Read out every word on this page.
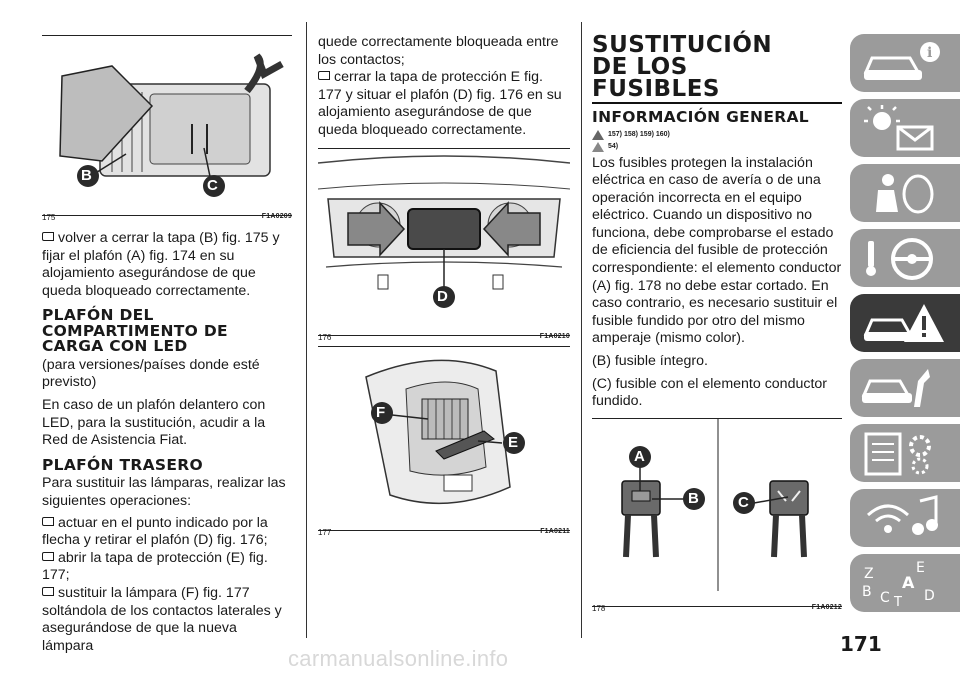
B
C
175	F1A0209
volver a cerrar la tapa (B) fig. 175 y fijar el plafón (A) fig. 174 en su alojamiento asegurándose de que queda bloqueado correctamente.
PLAFÓN DEL COMPARTIMENTO DE CARGA CON LED

(para versiones/países donde esté previsto)

En caso de un plafón delantero con LED, para la sustitución, acudir a la Red de Asistencia Fiat.

PLAFÓN TRASERO

Para sustituir las lámparas, realizar las siguientes operaciones:

actuar en el punto indicado por la flecha y retirar el plafón (D) fig. 176;
abrir la tapa de protección (E) fig. 177;
sustituir la lámpara (F) fig. 177 soltándola de los contactos laterales y asegurándose de que la nueva lámpara

quede correctamente bloqueada entre los contactos;

cerrar la tapa de protección E fig. 177 y situar el plafón (D) fig. 176 en su alojamiento asegurándose de que queda bloqueado correctamente.
D
176	F1A0210
F
E
177	F1A0211
SUSTITUCIÓN DE LOS FUSIBLES
INFORMACIÓN GENERAL
157) 158) 159) 160)
54)

Los fusibles protegen la instalación eléctrica en caso de avería o de una operación incorrecta en el equipo eléctrico. Cuando un dispositivo no funciona, debe comprobarse el estado de eficiencia del fusible de protección correspondiente: el elemento conductor (A) fig. 178 no debe estar cortado. En caso contrario, es necesario sustituir el fusible fundido por otro del mismo amperaje (mismo color).

(B) fusible íntegro.

(C) fusible con el elemento conductor fundido.

A
B	C
178	F1A0212
i
Z	E
A
B C D
T
171
carmanualsonline.info
